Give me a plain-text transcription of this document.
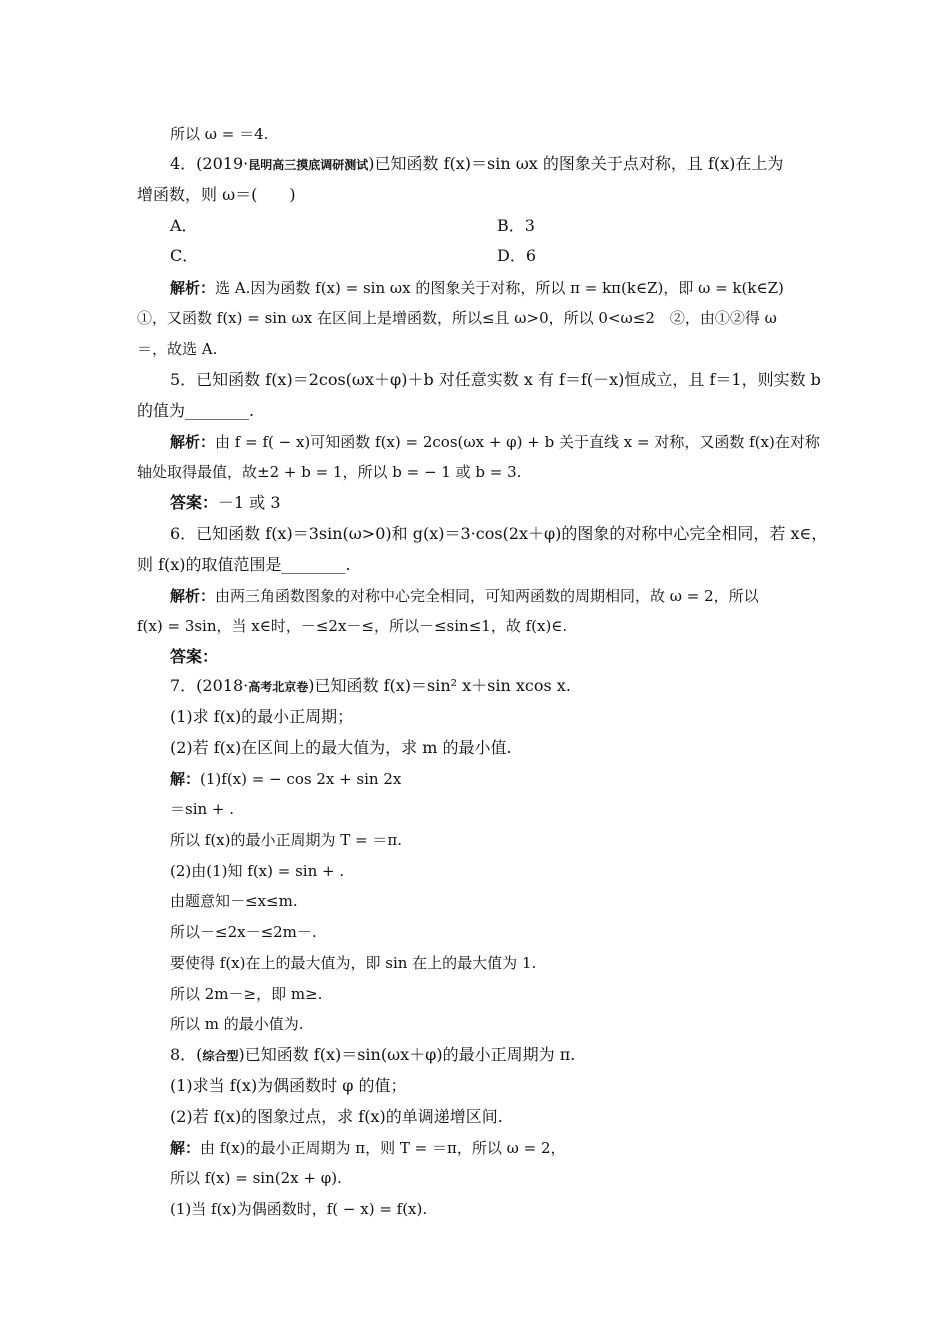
所以 ω = ＝4.
4．(2019·昆明高三摸底调研测试)已知函数 f(x)＝sin ωx 的图象关于点对称，且 f(x)在上为
增函数，则 ω＝(　　)
A．	B．3
C．	D．6
解析：选 A.因为函数 f(x) = sin ωx 的图象关于对称，所以 π = kπ(k∈Z)，即 ω = k(k∈Z)
①，又函数 f(x) = sin ωx 在区间上是增函数，所以≤且 ω>0，所以 0<ω≤2　②，由①②得 ω
＝，故选 A.
5．已知函数 f(x)＝2cos(ωx＋φ)＋b 对任意实数 x 有 f＝f(－x)恒成立，且 f＝1，则实数 b
的值为________.
解析：由 f = f( − x)可知函数 f(x) = 2cos(ωx + φ) + b 关于直线 x = 对称，又函数 f(x)在对称
轴处取得最值，故±2 + b = 1，所以 b = − 1 或 b = 3.
答案：－1 或 3
6．已知函数 f(x)＝3sin(ω>0)和 g(x)＝3·cos(2x＋φ)的图象的对称中心完全相同，若 x∈，
则 f(x)的取值范围是________.
解析：由两三角函数图象的对称中心完全相同，可知两函数的周期相同，故 ω = 2，所以
f(x) = 3sin，当 x∈时，－≤2x－≤，所以－≤sin≤1，故 f(x)∈.
答案：
7．(2018·高考北京卷)已知函数 f(x)＝sin² x＋sin xcos x.
(1)求 f(x)的最小正周期；
(2)若 f(x)在区间上的最大值为，求 m 的最小值.
解：(1)f(x) = − cos 2x + sin 2x
＝sin + .
所以 f(x)的最小正周期为 T = ＝π.
(2)由(1)知 f(x) = sin + .
由题意知－≤x≤m.
所以－≤2x－≤2m－.
要使得 f(x)在上的最大值为，即 sin 在上的最大值为 1.
所以 2m－≥，即 m≥.
所以 m 的最小值为.
8．(综合型)已知函数 f(x)＝sin(ωx＋φ)的最小正周期为 π.
(1)求当 f(x)为偶函数时 φ 的值；
(2)若 f(x)的图象过点，求 f(x)的单调递增区间.
解：由 f(x)的最小正周期为 π，则 T = ＝π，所以 ω = 2，
所以 f(x) = sin(2x + φ).
(1)当 f(x)为偶函数时，f( − x) = f(x).
